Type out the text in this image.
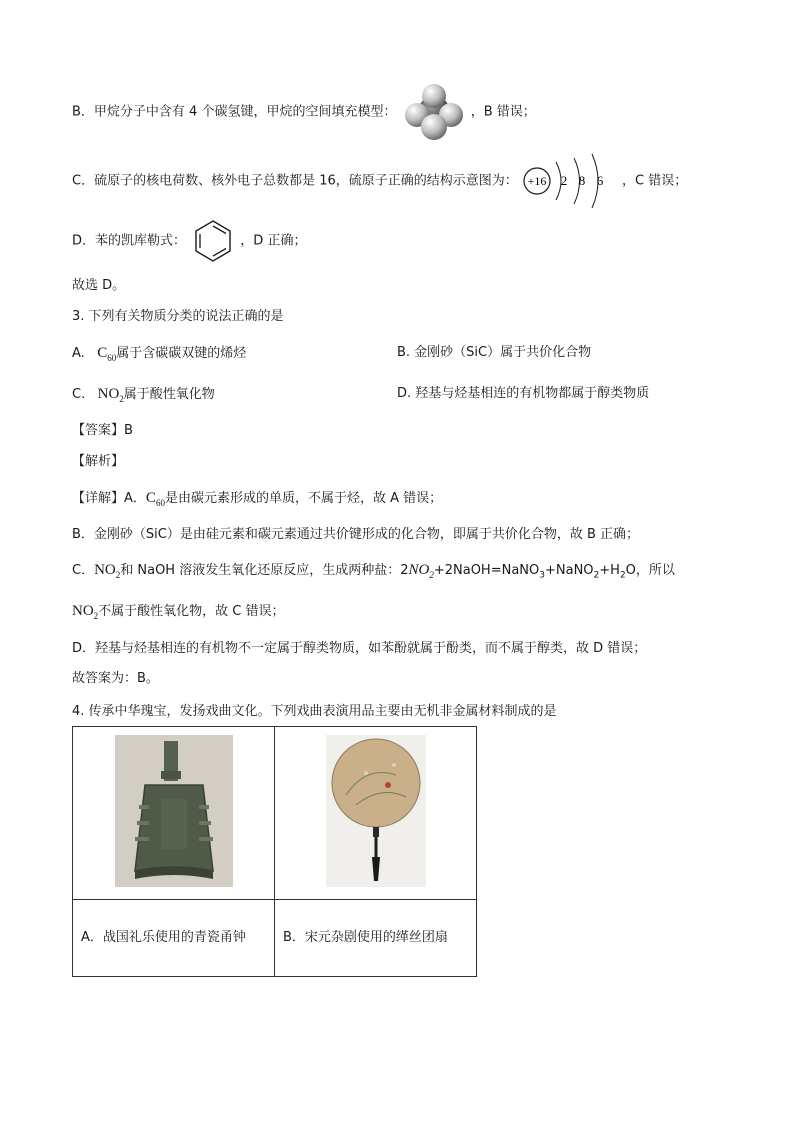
B．甲烷分子中含有 4 个碳氢键，甲烷的空间填充模型：	，B 错误；
C．硫原子的核电荷数、核外电子总数都是 16，硫原子正确的结构示意图为： +16 2 8 6 ，C 错误；
D．苯的凯库勒式：	，D 正确；
故选 D。
3. 下列有关物质分类的说法正确的是
A. $C_{60}$属于含碳碳双键的烯烃	B. 金刚砂（SiC）属于共价化合物
C. $NO_2$属于酸性氧化物	D. 羟基与烃基相连的有机物都属于醇类物质
【答案】B
【解析】
【详解】A．$C_{60}$是由碳元素形成的单质，不属于烃，故 A 错误；
B．金刚砂（SiC）是由硅元素和碳元素通过共价键形成的化合物，即属于共价化合物，故 B 正确；
C．$NO_2$和 NaOH 溶液发生氧化还原反应，生成两种盐：$2NO_2+2NaOH=NaNO_3+NaNO_2+H_2O$，所以
$NO_2$不属于酸性氧化物，故 C 错误；
D．羟基与烃基相连的有机物不一定属于醇类物质，如苯酚就属于酚类，而不属于醇类，故 D 错误；
故答案为：B。
4. 传承中华瑰宝，发扬戏曲文化。下列戏曲表演用品主要由无机非金属材料制成的是

A．战国礼乐使用的青瓷甬钟	B．宋元杂剧使用的缂丝团扇
